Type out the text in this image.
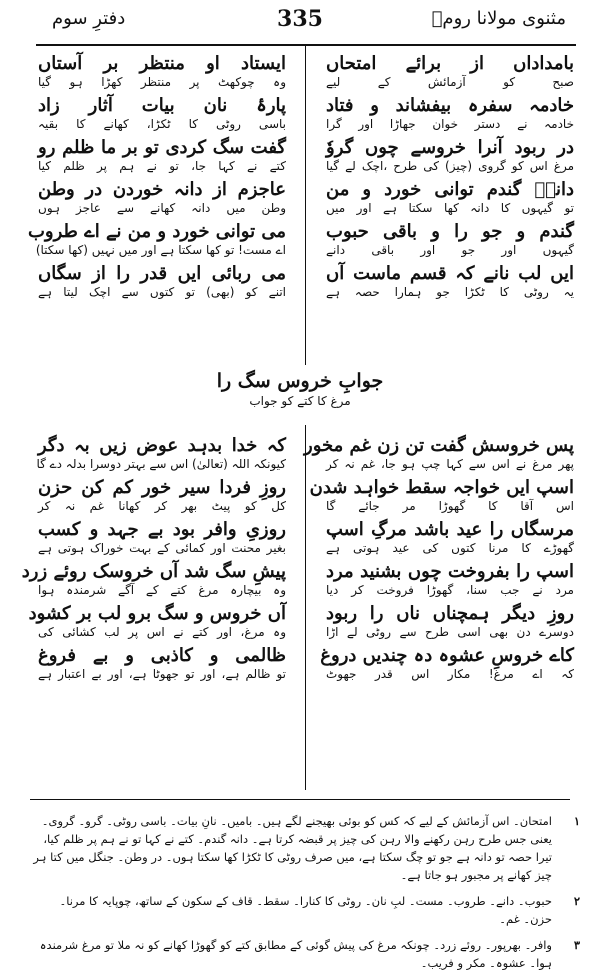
مثنوی مولانا رومؒ
335
دفترِ سوم
بامداداں از برائے امتحاں
صبح کو آزمائش کے لیے
خادمہ سفرہ بیفشاند و فتاد
خادمہ نے دستر خوان جھاڑا اور گرا
در ربود آنرا خروسے چوں گروٗ
مرغ اس کو گروی (چیز) کی طرح ،اچک لے گیا
دانہٗ گندم توانی خورد و من
تو گیہوں کا دانہ کھا سکتا ہے اور میں
گندم و جو را و باقی حبوب
گیہوں اور جو اور باقی دانے
ایں لب نانے کہ قسم ماست آں
یہ روٹی کا ٹکڑا جو ہمارا حصہ ہے
ایستاد او منتظر بر آستاں
وہ چوکھٹ پر منتظر کھڑا ہو گیا
پارۂ نان بیات آثار زاد
باسی روٹی کا ٹکڑا، کھانے کا بقیہ
گفت سگ کردی تو بر ما ظلم رو
کتے نے کہا جا، تو نے ہم پر ظلم کیا
عاجزم از دانہ خوردن در وطن
وطن میں دانہ کھانے سے عاجز ہوں
می توانی خورد و من نے اے طروب
اے مست! تو کھا سکتا ہے اور میں نہیں (کھا سکتا)
می ربائی ایں قدر را از سگاں
اتنے کو (بھی) تو کتوں سے اچک لیتا ہے
جوابِ خروس سگ را
مرغ کا کتے کو جواب
پس خروسش گفت تن زن غم مخور
پھر مرغ نے اس سے کہا چپ ہو جا، غم نہ کر
اسپ ایں خواجہ سقط خواہد شدن
اس آقا کا گھوڑا مر جائے گا
مرسگاں را عید باشد مرگِ اسپ
گھوڑے کا مرنا کتوں کی عید ہوتی ہے
اسپ را بفروخت چوں بشنید مرد
مرد نے جب سنا، گھوڑا فروخت کر دیا
روزِ دیگر ہمچناں ناں را ربود
دوسرے دن بھی اسی طرح سے روٹی لے اڑا
کاے خروسِ عشوہ دہ چندیں دروغ
کہ اے مرغ! مکار اس قدر جھوٹ
کہ خدا بدہد عوض زیں بہ دگر
کیونکہ اللہ (تعالیٰ) اس سے بہتر دوسرا بدلہ دے گا
روزِ فردا سیر خور کم کن حزن
کل کو پیٹ بھر کر کھانا غم نہ کر
روزیِ وافر بود بے جہد و کسب
بغیر محنت اور کمائی کے بہت خوراک ہوتی ہے
پیشِ سگ شد آں خروسک روئے زرد
وہ بیچارہ مرغ کتے کے آگے شرمندہ ہوا
آں خروس و سگ برو لب بر کشود
وہ مرغ، اور کتے نے اس پر لب کشائی کی
ظالمی و کاذبی و بے فروغ
تو ظالم ہے، اور تو جھوٹا ہے، اور بے اعتبار ہے
۱
امتحان۔ اس آزمائش کے لیے کہ کس کو بوئی بھیجنے لگے ہیں۔ بامیں۔ نانِ بیات۔ باسی روٹی۔ گرو۔ گروی۔ یعنی جس طرح رہن رکھنے والا رہن کی چیز پر قبضہ کرتا ہے۔ دانہ گندم۔ کتے نے کہا تو نے ہم پر ظلم کیا، تیرا حصہ تو دانہ ہے جو تو چگ سکتا ہے، میں صرف روٹی کا ٹکڑا کھا سکتا ہوں۔ در وطن۔ جنگل میں کتا ہر چیز کھانے پر مجبور ہو جاتا ہے۔
۲
حبوب۔ دانے۔ طروب۔ مست۔ لبِ نان۔ روٹی کا کنارا۔ سقط۔ قاف کے سکون کے ساتھ، چوپایہ کا مرنا۔ حزن۔ غم۔
۳
وافر۔ بھرپور۔ روئے زرد۔ چونکہ مرغ کی پیش گوئی کے مطابق کتے کو گھوڑا کھانے کو نہ ملا تو مرغ شرمندہ ہوا۔ عشوہ۔ مکر و فریب۔
